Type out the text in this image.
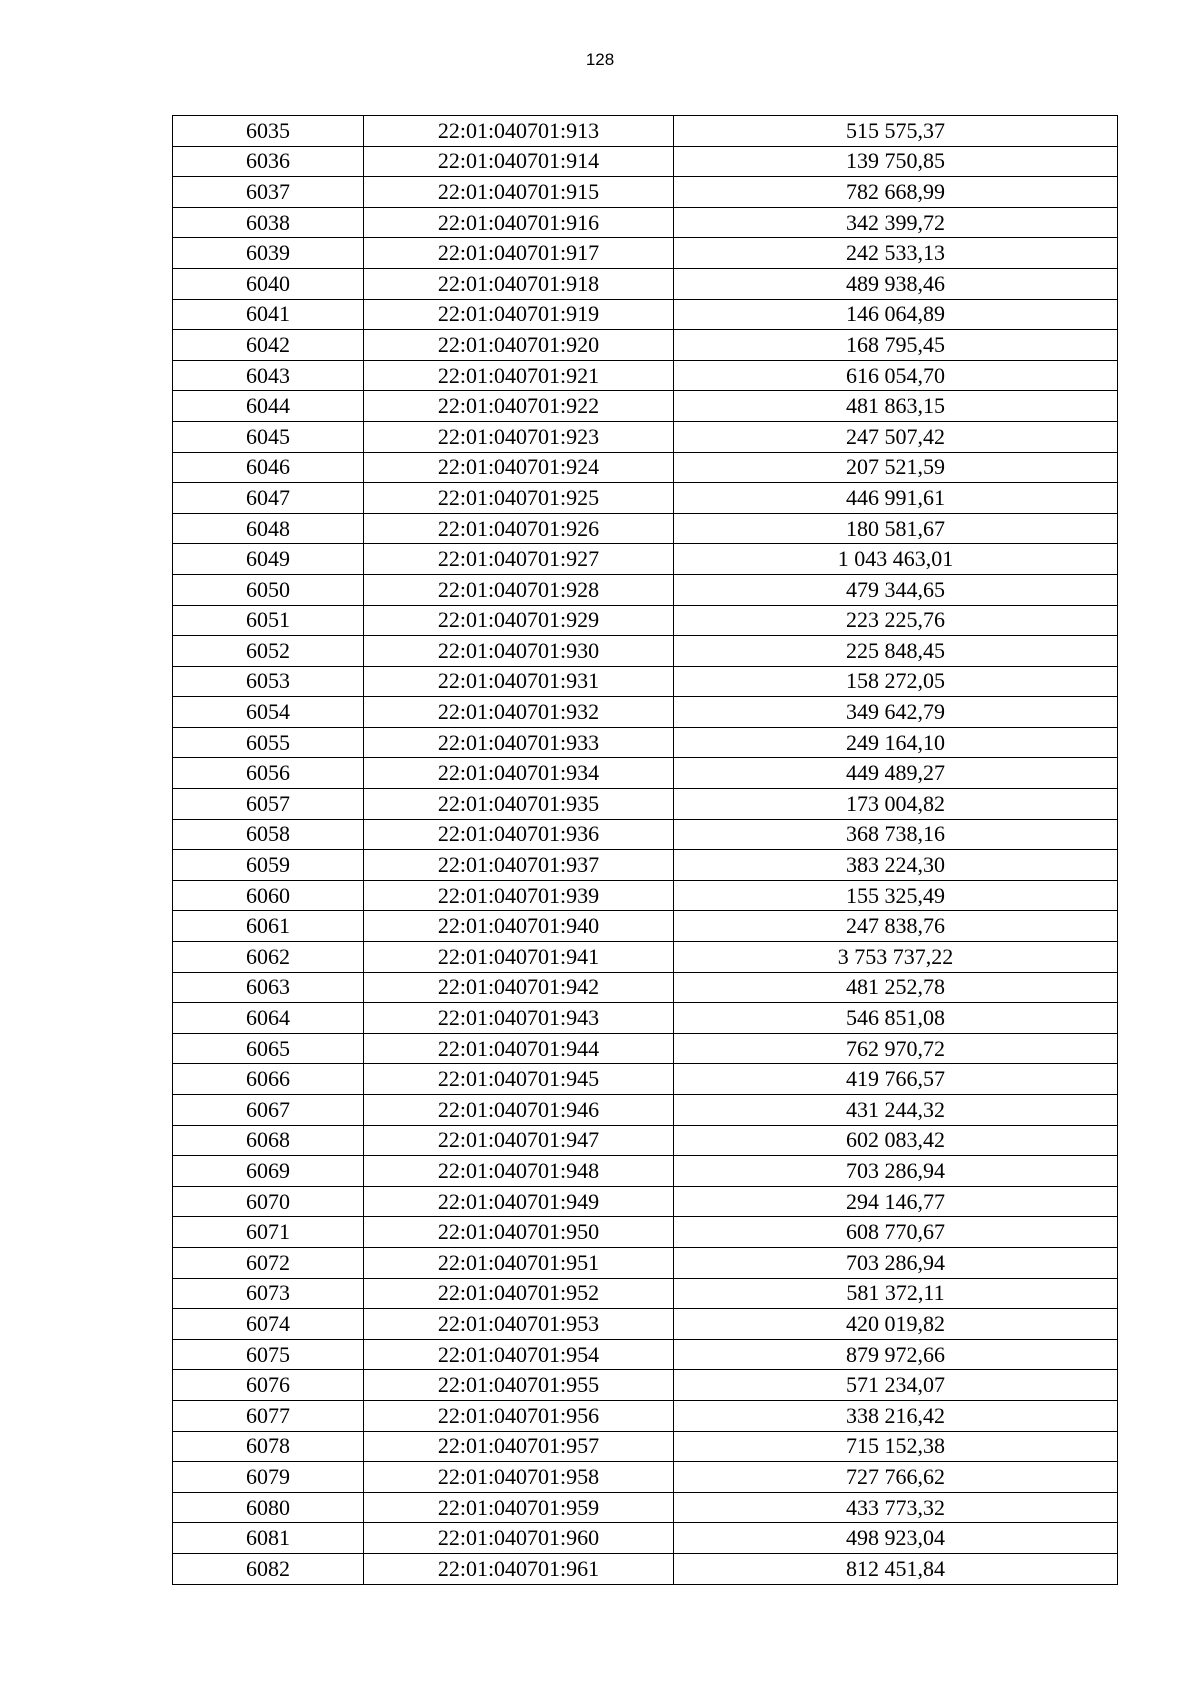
128
6035	22:01:040701:913	515 575,37
6036	22:01:040701:914	139 750,85
6037	22:01:040701:915	782 668,99
6038	22:01:040701:916	342 399,72
6039	22:01:040701:917	242 533,13
6040	22:01:040701:918	489 938,46
6041	22:01:040701:919	146 064,89
6042	22:01:040701:920	168 795,45
6043	22:01:040701:921	616 054,70
6044	22:01:040701:922	481 863,15
6045	22:01:040701:923	247 507,42
6046	22:01:040701:924	207 521,59
6047	22:01:040701:925	446 991,61
6048	22:01:040701:926	180 581,67
6049	22:01:040701:927	1 043 463,01
6050	22:01:040701:928	479 344,65
6051	22:01:040701:929	223 225,76
6052	22:01:040701:930	225 848,45
6053	22:01:040701:931	158 272,05
6054	22:01:040701:932	349 642,79
6055	22:01:040701:933	249 164,10
6056	22:01:040701:934	449 489,27
6057	22:01:040701:935	173 004,82
6058	22:01:040701:936	368 738,16
6059	22:01:040701:937	383 224,30
6060	22:01:040701:939	155 325,49
6061	22:01:040701:940	247 838,76
6062	22:01:040701:941	3 753 737,22
6063	22:01:040701:942	481 252,78
6064	22:01:040701:943	546 851,08
6065	22:01:040701:944	762 970,72
6066	22:01:040701:945	419 766,57
6067	22:01:040701:946	431 244,32
6068	22:01:040701:947	602 083,42
6069	22:01:040701:948	703 286,94
6070	22:01:040701:949	294 146,77
6071	22:01:040701:950	608 770,67
6072	22:01:040701:951	703 286,94
6073	22:01:040701:952	581 372,11
6074	22:01:040701:953	420 019,82
6075	22:01:040701:954	879 972,66
6076	22:01:040701:955	571 234,07
6077	22:01:040701:956	338 216,42
6078	22:01:040701:957	715 152,38
6079	22:01:040701:958	727 766,62
6080	22:01:040701:959	433 773,32
6081	22:01:040701:960	498 923,04
6082	22:01:040701:961	812 451,84
